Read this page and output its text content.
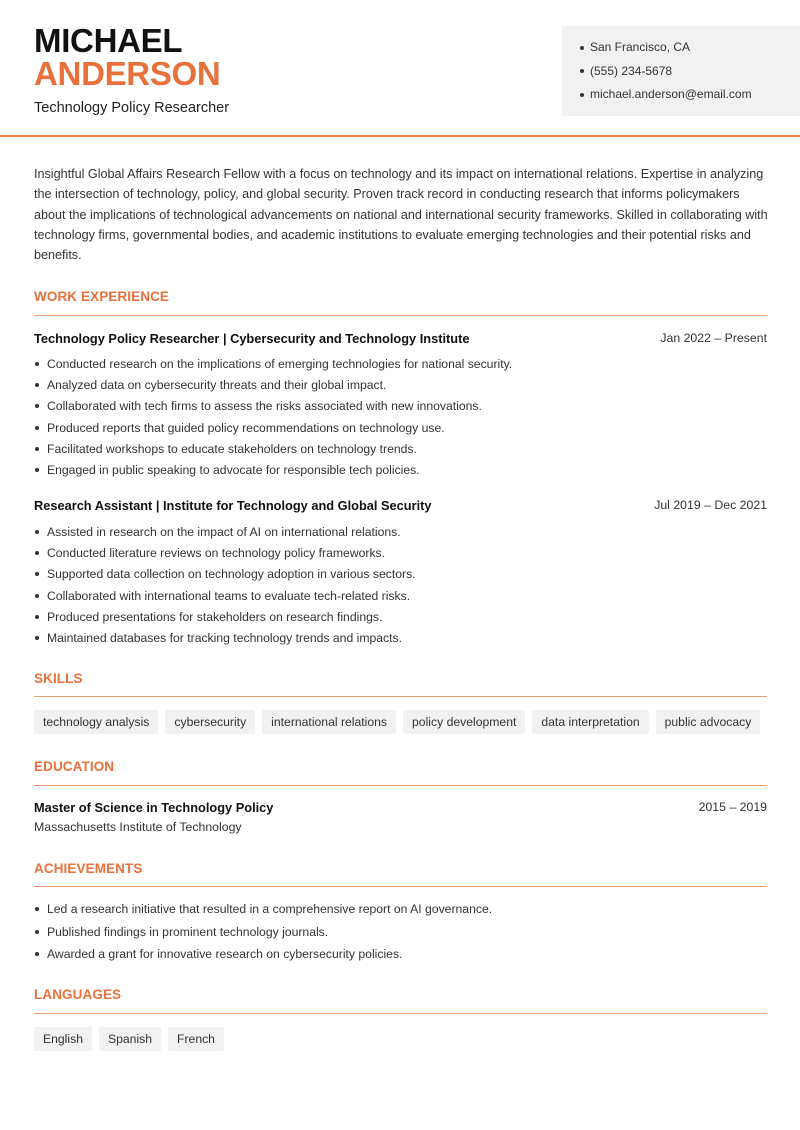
MICHAEL
ANDERSON
Technology Policy Researcher
San Francisco, CA
(555) 234-5678
michael.anderson@email.com

Insightful Global Affairs Research Fellow with a focus on technology and its impact on international relations. Expertise in analyzing the intersection of technology, policy, and global security. Proven track record in conducting research that informs policymakers about the implications of technological advancements on national and international security frameworks. Skilled in collaborating with technology firms, governmental bodies, and academic institutions to evaluate emerging technologies and their potential risks and benefits.

WORK EXPERIENCE
Technology Policy Researcher | Cybersecurity and Technology Institute	Jan 2022 – Present
Conducted research on the implications of emerging technologies for national security.
Analyzed data on cybersecurity threats and their global impact.
Collaborated with tech firms to assess the risks associated with new innovations.
Produced reports that guided policy recommendations on technology use.
Facilitated workshops to educate stakeholders on technology trends.
Engaged in public speaking to advocate for responsible tech policies.
Research Assistant | Institute for Technology and Global Security	Jul 2019 – Dec 2021
Assisted in research on the impact of AI on international relations.
Conducted literature reviews on technology policy frameworks.
Supported data collection on technology adoption in various sectors.
Collaborated with international teams to evaluate tech-related risks.
Produced presentations for stakeholders on research findings.
Maintained databases for tracking technology trends and impacts.
SKILLS
technology analysis	cybersecurity	international relations	policy development	data interpretation	public advocacy
EDUCATION
Master of Science in Technology Policy	2015 – 2019
Massachusetts Institute of Technology
ACHIEVEMENTS
Led a research initiative that resulted in a comprehensive report on AI governance.
Published findings in prominent technology journals.
Awarded a grant for innovative research on cybersecurity policies.
LANGUAGES
English	Spanish	French
